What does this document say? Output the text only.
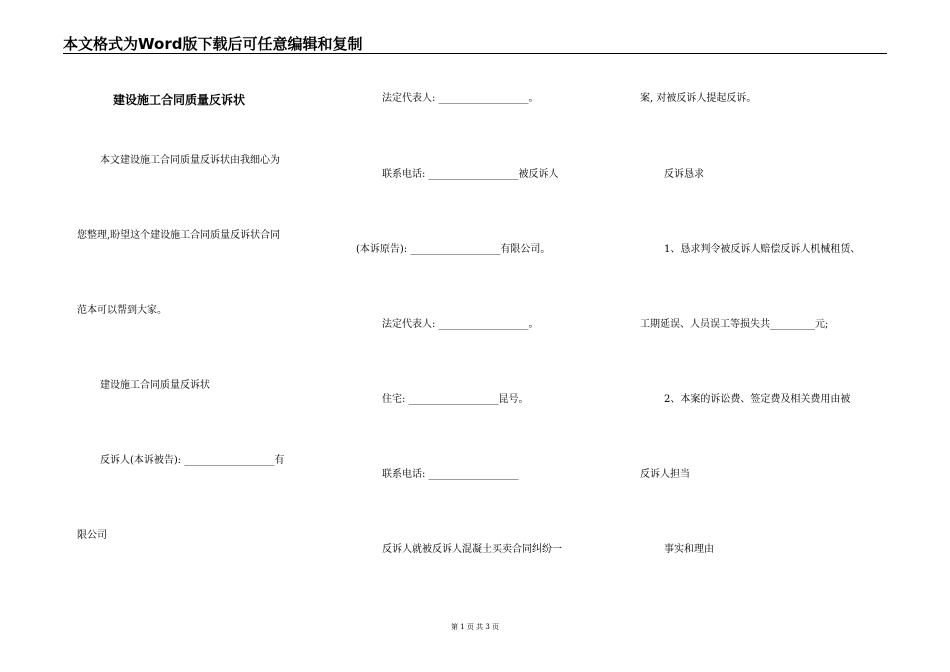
本文格式为Word版下载后可任意编辑和复制
建设施工合同质量反诉状
本文建设施工合同质量反诉状由我细心为
您整理,盼望这个建设施工合同质量反诉状合同
范本可以帮到大家。
建设施工合同质量反诉状
反诉人(本诉被告): __________________有
限公司
法定代表人: __________________。
联系电话: __________________被反诉人
(本诉原告): __________________有限公司。
法定代表人: __________________。
住宅: __________________昆号。
联系电话: __________________
反诉人就被反诉人混凝土买卖合同纠纷一
案, 对被反诉人提起反诉。
反诉恳求
1、恳求判令被反诉人赔偿反诉人机械租赁、
工期延误、人员误工等损失共_________元;
2、本案的诉讼费、签定费及相关费用由被
反诉人担当
事实和理由
第 1 页 共 3 页
